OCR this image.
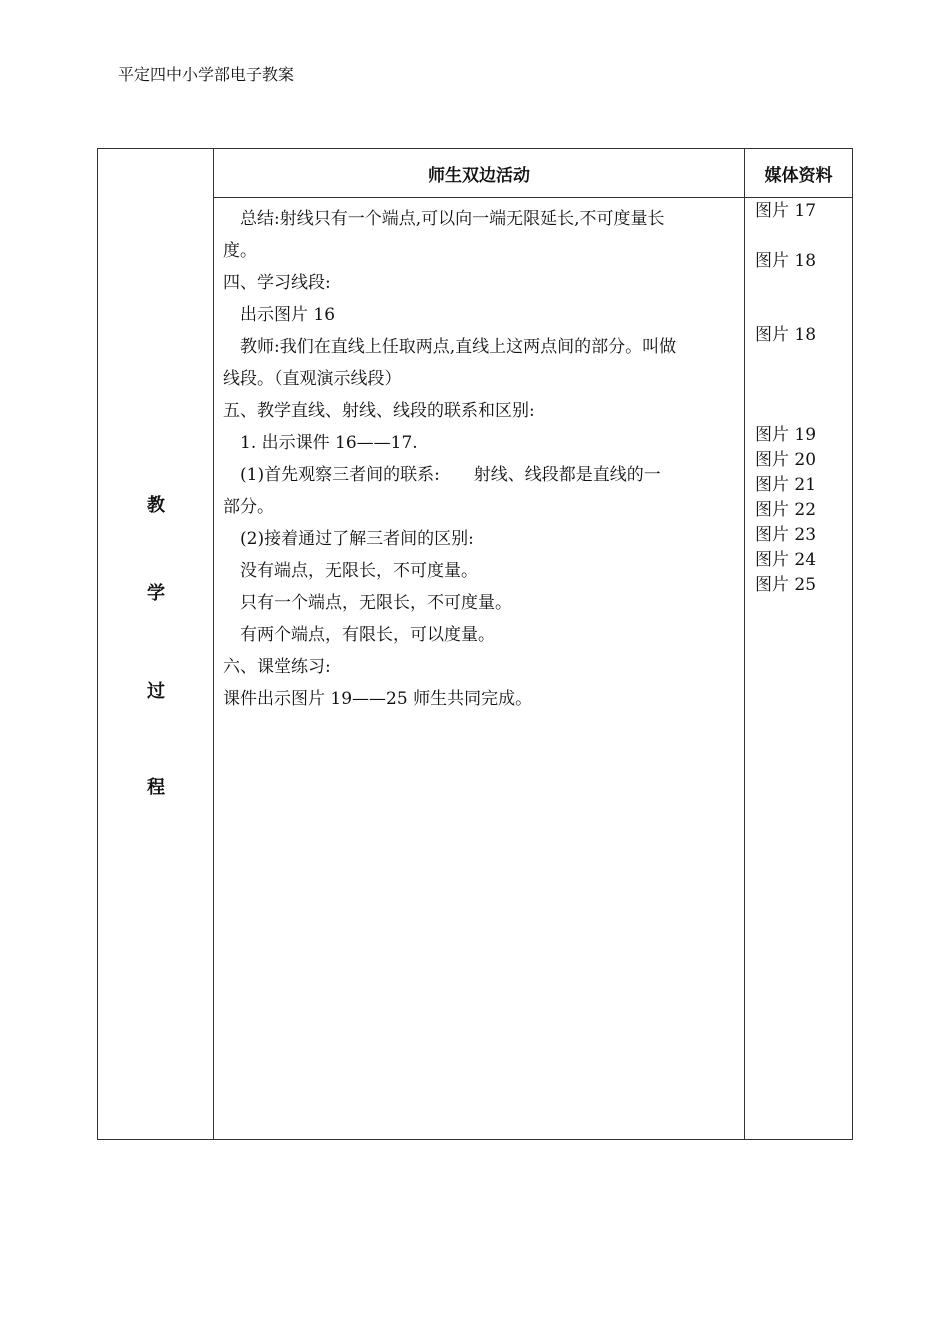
平定四中小学部电子教案
师生双边活动	媒体资料
教
学
过
程
　总结:射线只有一个端点,可以向一端无限延长,不可度量长
度。
四、学习线段:
　出示图片 16
　教师:我们在直线上任取两点,直线上这两点间的部分。叫做
线段。（直观演示线段）
五、教学直线、射线、线段的联系和区别:
　1. 出示课件 16——17.
　(1)首先观察三者间的联系:　　射线、线段都是直线的一
部分。
　(2)接着通过了解三者间的区别:
　没有端点，无限长，不可度量。
　只有一个端点，无限长，不可度量。
　有两个端点，有限长，可以度量。
六、课堂练习:
课件出示图片 19——25 师生共同完成。
图片 17
图片 18
图片 18
图片 19
图片 20
图片 21
图片 22
图片 23
图片 24
图片 25
